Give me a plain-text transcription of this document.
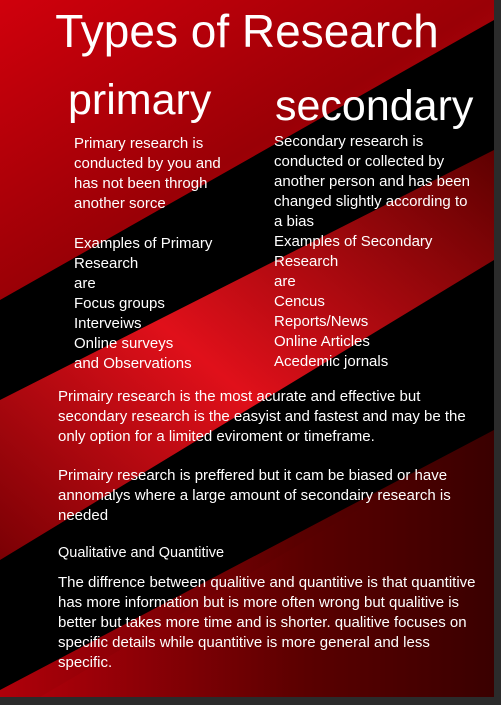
Types of Research
primary secondary

Primary research is
conducted by you and
has not been throgh
another sorce

Examples of Primary
Research
are
Focus groups
Interveiws
Online surveys
and Observations

Secondary research is
conducted or collected by
another person and has been
changed slightly according to
a bias
Examples of Secondary
Research
are
Cencus
Reports/News
Online Articles
Acedemic jornals

Primairy research is the most acurate and effective but secondary research is the easyist and fastest and may be the only option for a limited eviroment or timeframe.

Primairy research is preffered but it cam be biased or have annomalys where a large amount of secondairy research is needed

Qualitative and Quantitive

The diffrence between qualitive and quantitive is that quantitive has more information but is more often wrong but qualitive is better but takes more time and is shorter. qualitive focuses on specific details while quantitive is more general and less specific.
